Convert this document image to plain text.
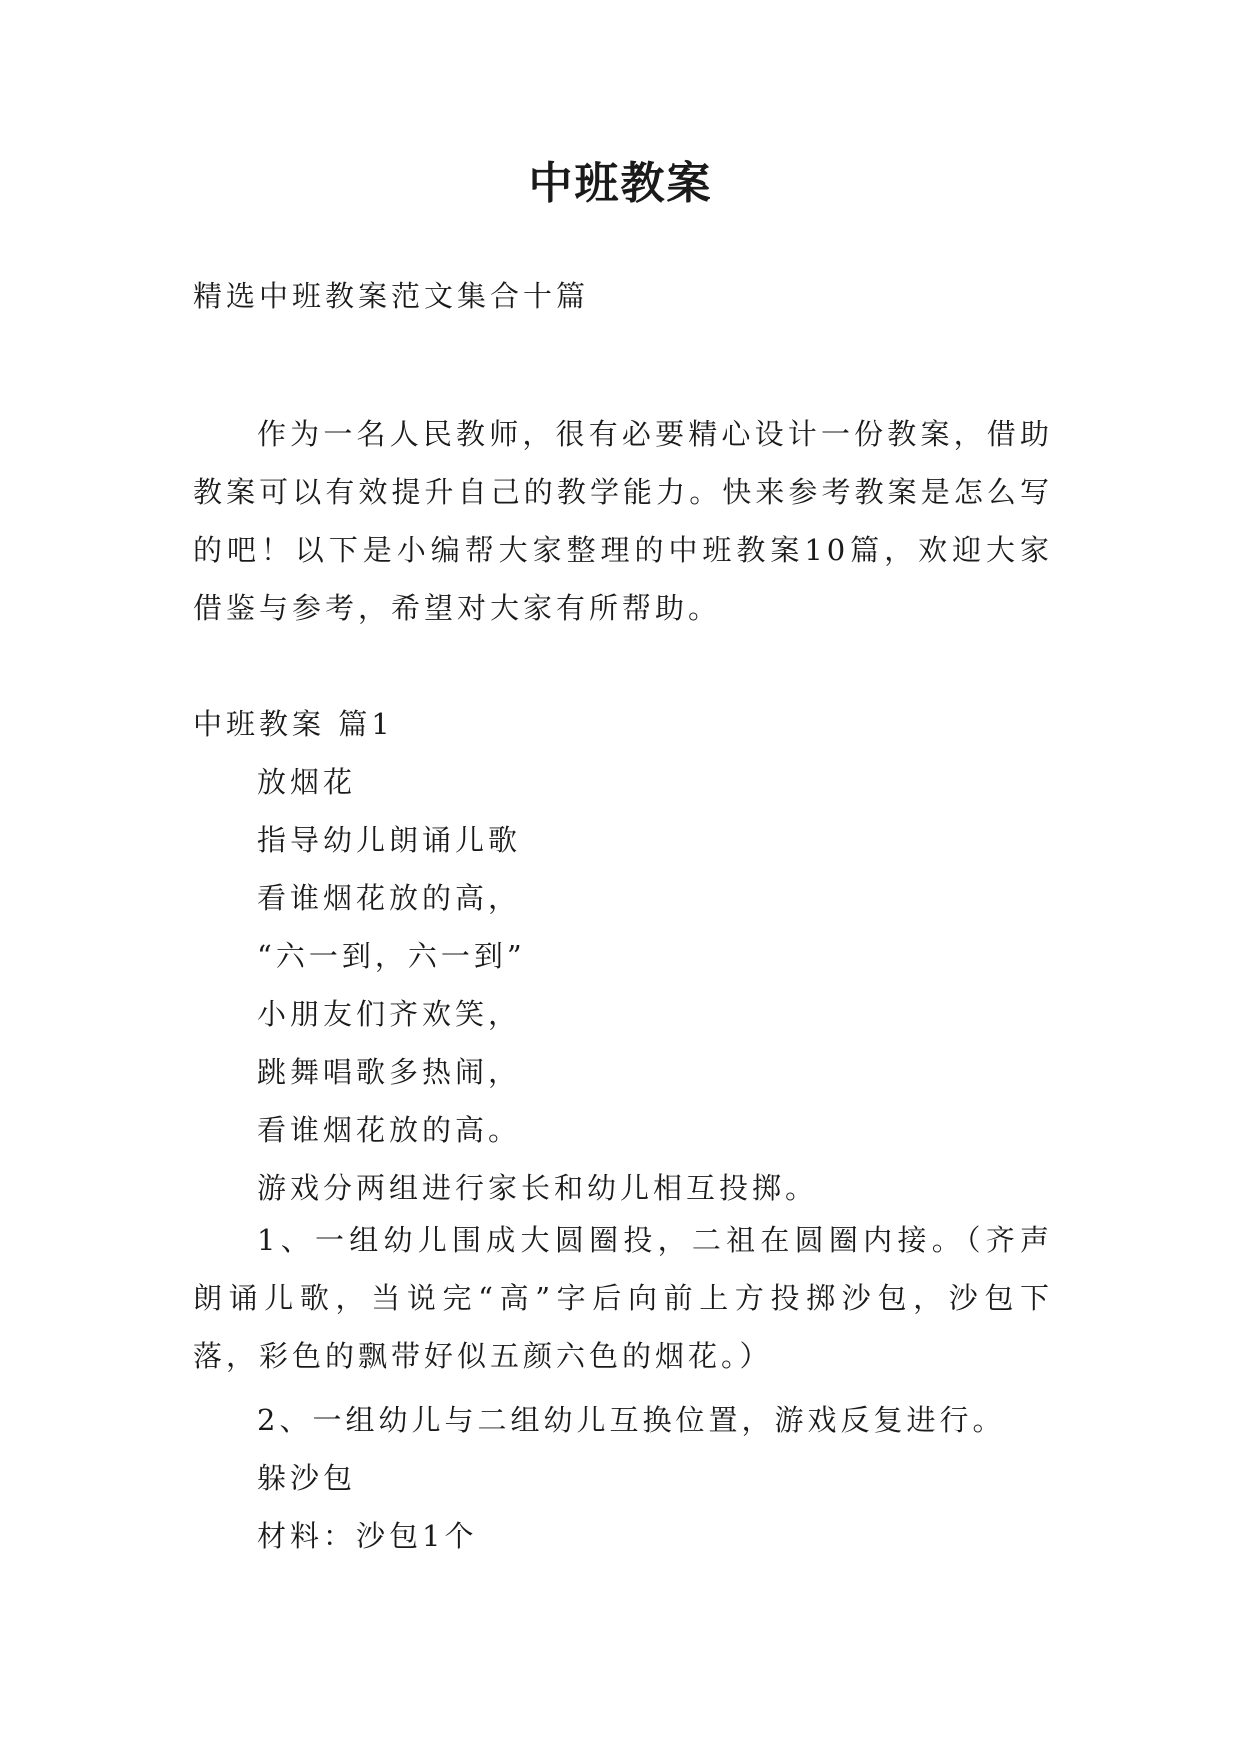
中班教案
精选中班教案范文集合十篇
作为一名人民教师，很有必要精心设计一份教案，借助教案可以有效提升自己的教学能力。快来参考教案是怎么写的吧！以下是小编帮大家整理的中班教案10篇，欢迎大家借鉴与参考，希望对大家有所帮助。
中班教案 篇1
放烟花
指导幼儿朗诵儿歌
看谁烟花放的高，
“六一到，六一到”
小朋友们齐欢笑，
跳舞唱歌多热闹，
看谁烟花放的高。
游戏分两组进行家长和幼儿相互投掷。
1、一组幼儿围成大圆圈投，二祖在圆圈内接。（齐声朗诵儿歌，当说完“高”字后向前上方投掷沙包，沙包下落，彩色的飘带好似五颜六色的烟花。）
2、一组幼儿与二组幼儿互换位置，游戏反复进行。
躲沙包
材料：沙包1个
